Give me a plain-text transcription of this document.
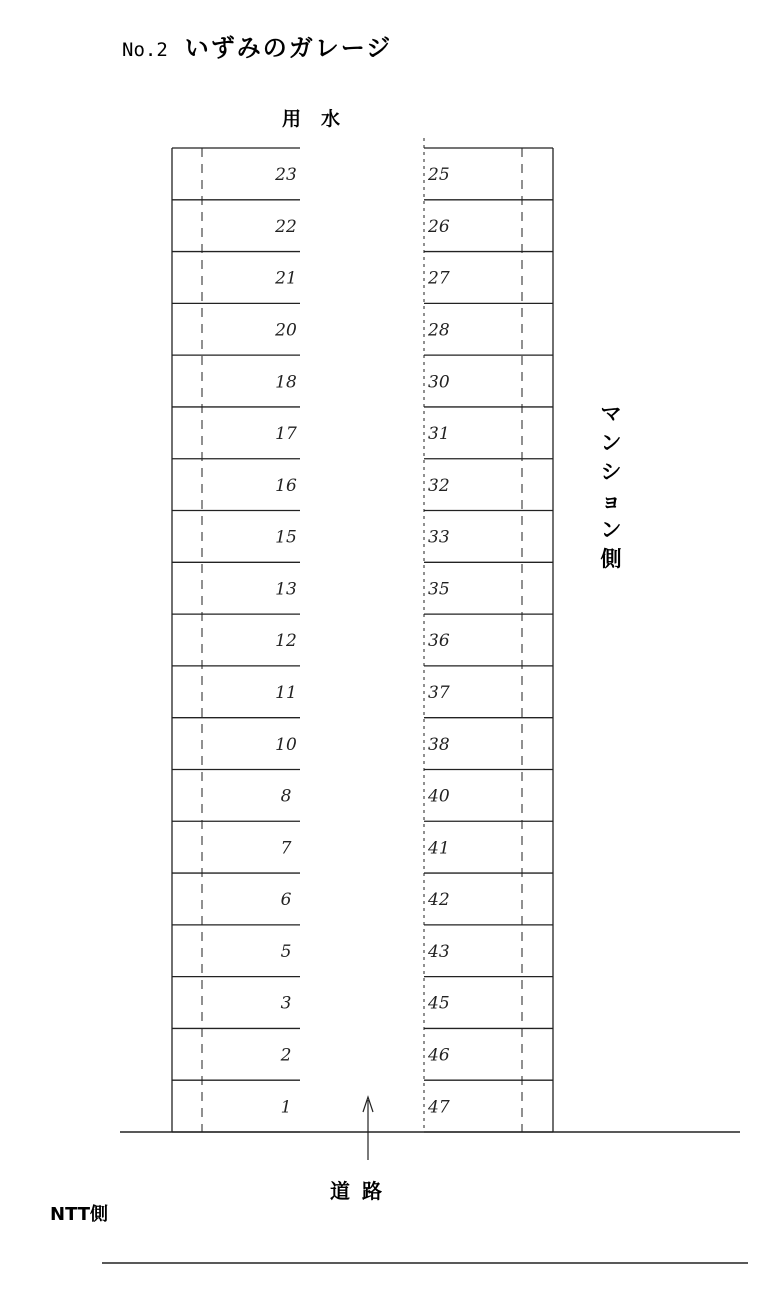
No.2 いずみのガレージ
用水
マンション側
道路
NTT側
23
22
21
20
18
17
16
15
13
12
11
10
8
7
6
5
3
2
1
25
26
27
28
30
31
32
33
35
36
37
38
40
41
42
43
45
46
47
